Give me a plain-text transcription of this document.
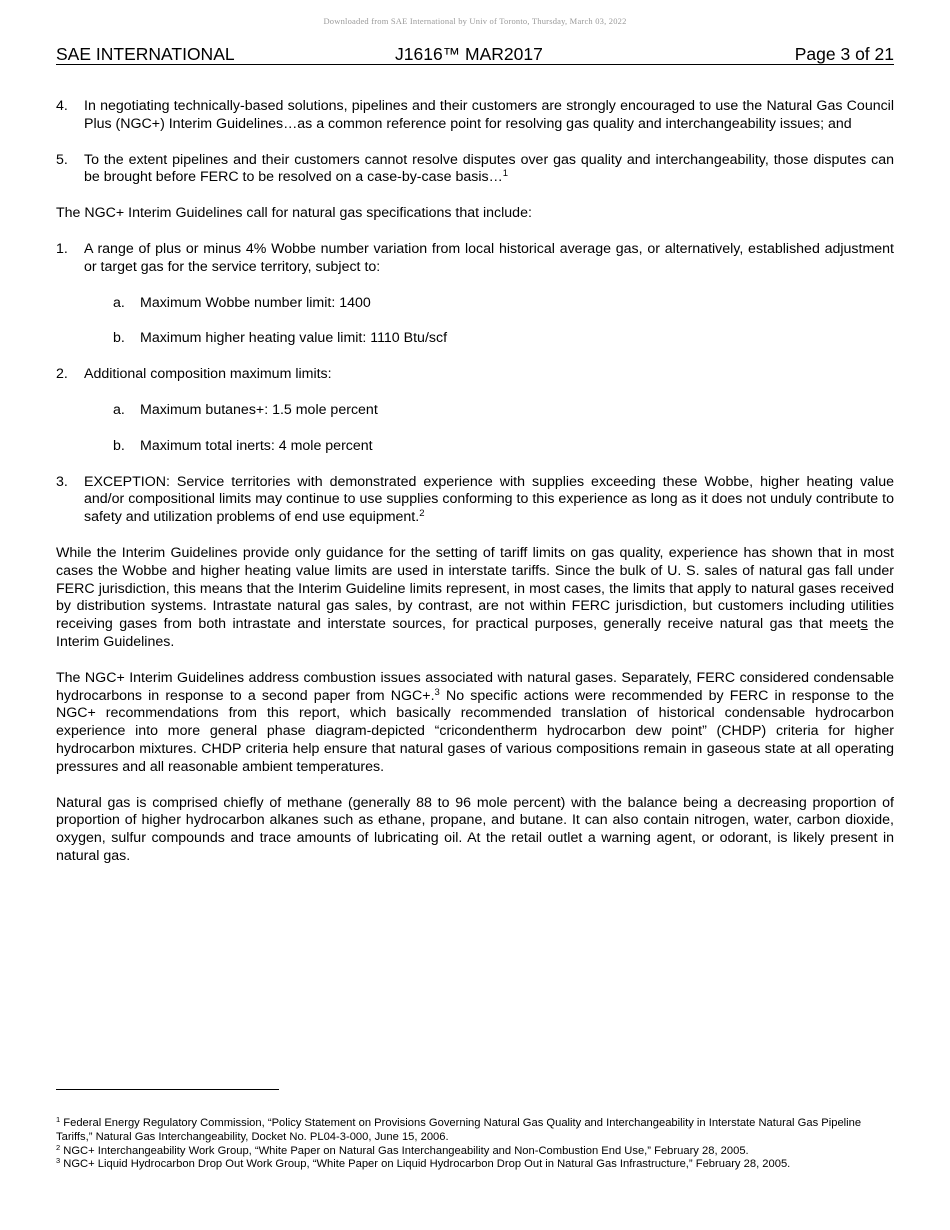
Downloaded from SAE International by Univ of Toronto, Thursday, March 03, 2022
SAE INTERNATIONAL	J1616™ MAR2017	Page 3 of 21
4. In negotiating technically-based solutions, pipelines and their customers are strongly encouraged to use the Natural Gas Council Plus (NGC+) Interim Guidelines…as a common reference point for resolving gas quality and interchangeability issues; and
5. To the extent pipelines and their customers cannot resolve disputes over gas quality and interchangeability, those disputes can be brought before FERC to be resolved on a case-by-case basis…$^1$
The NGC+ Interim Guidelines call for natural gas specifications that include:
1. A range of plus or minus 4% Wobbe number variation from local historical average gas, or alternatively, established adjustment or target gas for the service territory, subject to:
a. Maximum Wobbe number limit: 1400
b. Maximum higher heating value limit: 1110 Btu/scf
2. Additional composition maximum limits:
a. Maximum butanes+: 1.5 mole percent
b. Maximum total inerts: 4 mole percent
3. EXCEPTION: Service territories with demonstrated experience with supplies exceeding these Wobbe, higher heating value and/or compositional limits may continue to use supplies conforming to this experience as long as it does not unduly contribute to safety and utilization problems of end use equipment.$^2$
While the Interim Guidelines provide only guidance for the setting of tariff limits on gas quality, experience has shown that in most cases the Wobbe and higher heating value limits are used in interstate tariffs. Since the bulk of U. S. sales of natural gas fall under FERC jurisdiction, this means that the Interim Guideline limits represent, in most cases, the limits that apply to natural gases received by distribution systems. Intrastate natural gas sales, by contrast, are not within FERC jurisdiction, but customers including utilities receiving gases from both intrastate and interstate sources, for practical purposes, generally receive natural gas that meets the Interim Guidelines.
The NGC+ Interim Guidelines address combustion issues associated with natural gases. Separately, FERC considered condensable hydrocarbons in response to a second paper from NGC+.$^3$ No specific actions were recommended by FERC in response to the NGC+ recommendations from this report, which basically recommended translation of historical condensable hydrocarbon experience into more general phase diagram-depicted “cricondentherm hydrocarbon dew point” (CHDP) criteria for higher hydrocarbon mixtures. CHDP criteria help ensure that natural gases of various compositions remain in gaseous state at all operating pressures and all reasonable ambient temperatures.
Natural gas is comprised chiefly of methane (generally 88 to 96 mole percent) with the balance being a decreasing proportion of proportion of higher hydrocarbon alkanes such as ethane, propane, and butane. It can also contain nitrogen, water, carbon dioxide, oxygen, sulfur compounds and trace amounts of lubricating oil. At the retail outlet a warning agent, or odorant, is likely present in natural gas.
$^1$ Federal Energy Regulatory Commission, “Policy Statement on Provisions Governing Natural Gas Quality and Interchangeability in Interstate Natural Gas Pipeline Tariffs,” Natural Gas Interchangeability, Docket No. PL04-3-000, June 15, 2006.
$^2$ NGC+ Interchangeability Work Group, “White Paper on Natural Gas Interchangeability and Non-Combustion End Use,” February 28, 2005.
$^3$ NGC+ Liquid Hydrocarbon Drop Out Work Group, “White Paper on Liquid Hydrocarbon Drop Out in Natural Gas Infrastructure,” February 28, 2005.
